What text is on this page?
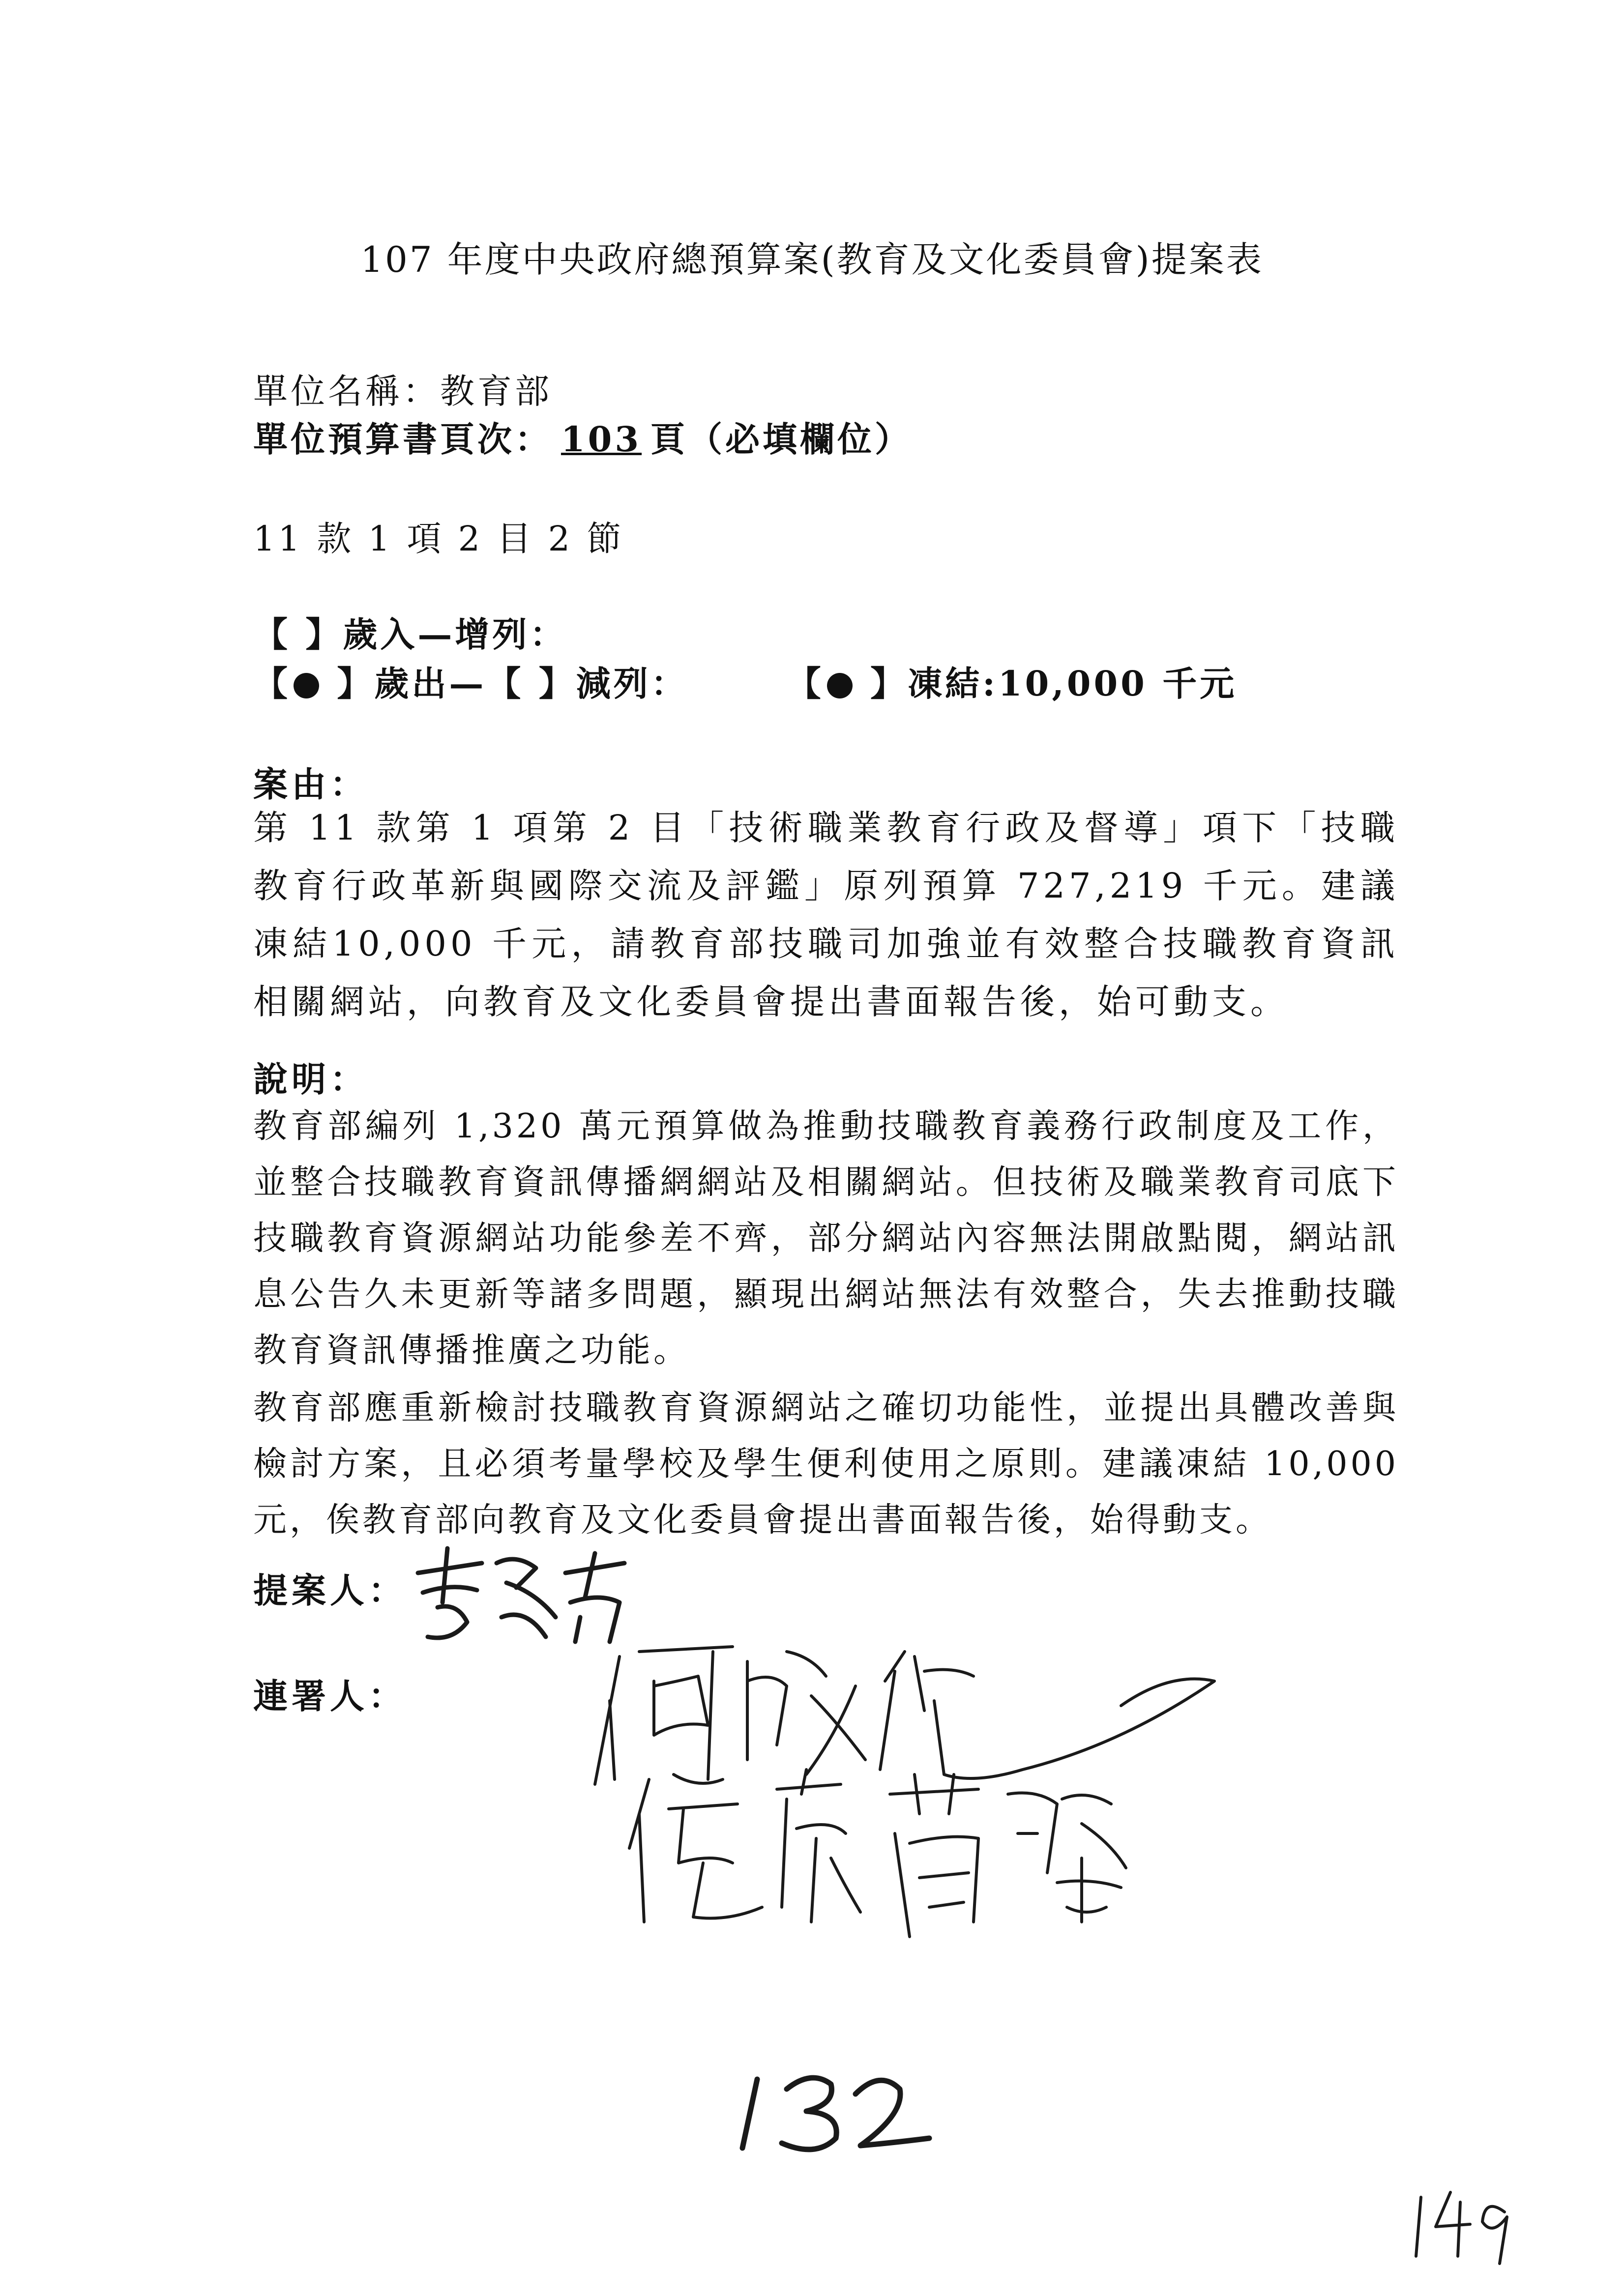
107 年度中央政府總預算案(教育及文化委員會)提案表
單位名稱：教育部
單位預算書頁次： 103 頁（必填欄位）
11 款 1 項 2 目 2 節
【 】歲入—增列：
【 】歲出—【 】減列：	【 】凍結:10,000 千元
案由：
第 11 款第 1 項第 2 目「技術職業教育行政及督導」項下「技職教育行政革新與國際交流及評鑑」原列預算 727,219 千元。建議凍結10,000 千元，請教育部技職司加強並有效整合技職教育資訊相關網站，向教育及文化委員會提出書面報告後，始可動支。
說明：
教育部編列 1,320 萬元預算做為推動技職教育義務行政制度及工作，並整合技職教育資訊傳播網網站及相關網站。但技術及職業教育司底下技職教育資源網站功能參差不齊，部分網站內容無法開啟點閱，網站訊息公告久未更新等諸多問題，顯現出網站無法有效整合，失去推動技職教育資訊傳播推廣之功能。
教育部應重新檢討技職教育資源網站之確切功能性，並提出具體改善與檢討方案，且必須考量學校及學生便利使用之原則。建議凍結 10,000 元，俟教育部向教育及文化委員會提出書面報告後，始得動支。
提案人：
連署人：
